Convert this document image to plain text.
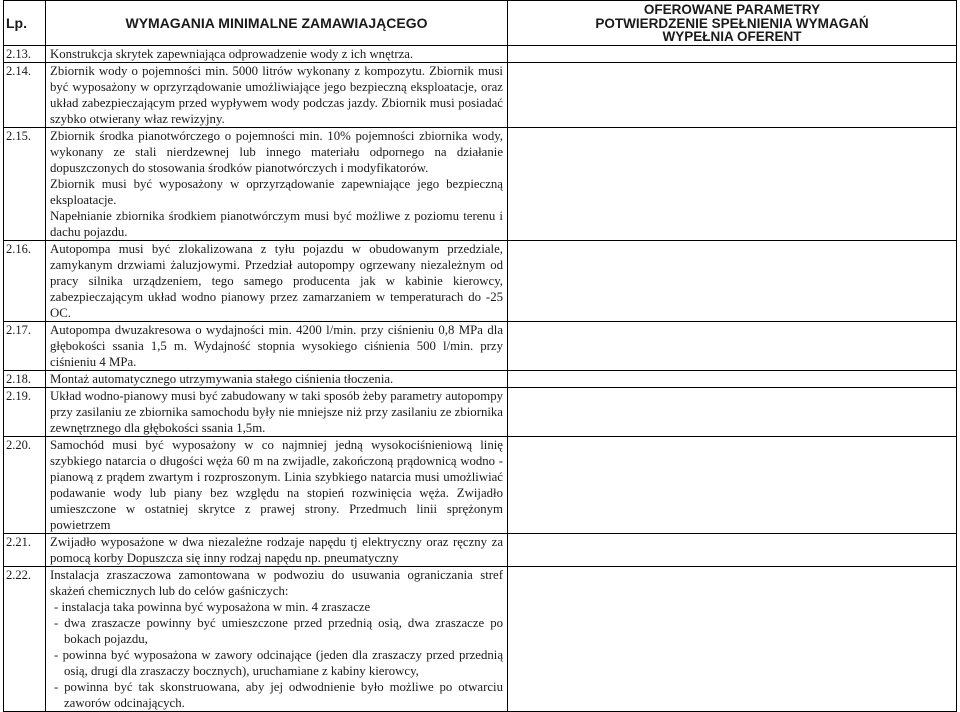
Lp.	WYMAGANIA MINIMALNE ZAMAWIAJĄCEGO	OFEROWANE PARAMETRY
POTWIERDZENIE SPEŁNIENIA WYMAGAŃ
WYPEŁNIA OFERENT

2.13.	Konstrukcja skrytek zapewniająca odprowadzenie wody z ich wnętrza.	

2.14.	Zbiornik wody o pojemności min. 5000 litrów wykonany z kompozytu. Zbiornik musi być wyposażony w oprzyrządowanie umożliwiające jego bezpieczną eksploatacje, oraz układ zabezpieczającym przed wypływem wody podczas jazdy. Zbiornik musi posiadać szybko otwierany właz rewizyjny.	

2.15.	Zbiornik środka pianotwórczego o pojemności min. 10% pojemności zbiornika wody, wykonany ze stali nierdzewnej lub innego materiału odpornego na działanie dopuszczonych do stosowania środków pianotwórczych i modyfikatorów.
Zbiornik musi być wyposażony w oprzyrządowanie zapewniające jego bezpieczną eksploatacje.
Napełnianie zbiornika środkiem pianotwórczym musi być możliwe z poziomu terenu i dachu pojazdu.	

2.16.	Autopompa musi być zlokalizowana z tyłu pojazdu w obudowanym przedziale, zamykanym drzwiami żaluzjowymi. Przedział autopompy ogrzewany niezależnym od pracy silnika urządzeniem, tego samego producenta jak w kabinie kierowcy, zabezpieczającym układ wodno pianowy przez zamarzaniem w temperaturach do -25 OC.	

2.17.	Autopompa dwuzakresowa o wydajności min. 4200 l/min. przy ciśnieniu 0,8 MPa dla głębokości ssania 1,5 m. Wydajność stopnia wysokiego ciśnienia 500 l/min. przy ciśnieniu 4 MPa.	

2.18.	Montaż automatycznego utrzymywania stałego ciśnienia tłoczenia.	

2.19.	Układ wodno-pianowy musi być zabudowany w taki sposób żeby parametry autopompy przy zasilaniu ze zbiornika samochodu były nie mniejsze niż przy zasilaniu ze zbiornika zewnętrznego dla głębokości ssania 1,5m.	

2.20.	Samochód musi być wyposażony w co najmniej jedną wysokociśnieniową linię szybkiego natarcia o długości węża 60 m na zwijadle, zakończoną prądownicą wodno - pianową z prądem zwartym i rozproszonym. Linia szybkiego natarcia musi umożliwiać podawanie wody lub piany bez względu na stopień rozwinięcia węża. Zwijadło umieszczone w ostatniej skrytce z prawej strony. Przedmuch linii sprężonym powietrzem	

2.21.	Zwijadło wyposażone w dwa niezależne rodzaje napędu tj elektryczny oraz ręczny za pomocą korby Dopuszcza się inny rodzaj napędu np. pneumatyczny	

2.22.	Instalacja zraszaczowa zamontowana w podwoziu do usuwania ograniczania stref skażeń chemicznych lub do celów gaśniczych:
- instalacja taka powinna być wyposażona w min. 4 zraszacze
- dwa zraszacze powinny być umieszczone przed przednią osią, dwa zraszacze po bokach pojazdu,
- powinna być wyposażona w zawory odcinające (jeden dla zraszaczy przed przednią osią, drugi dla zraszaczy bocznych), uruchamiane z kabiny kierowcy,
- powinna być tak skonstruowana, aby jej odwodnienie było możliwe po otwarciu zaworów odcinających.	
